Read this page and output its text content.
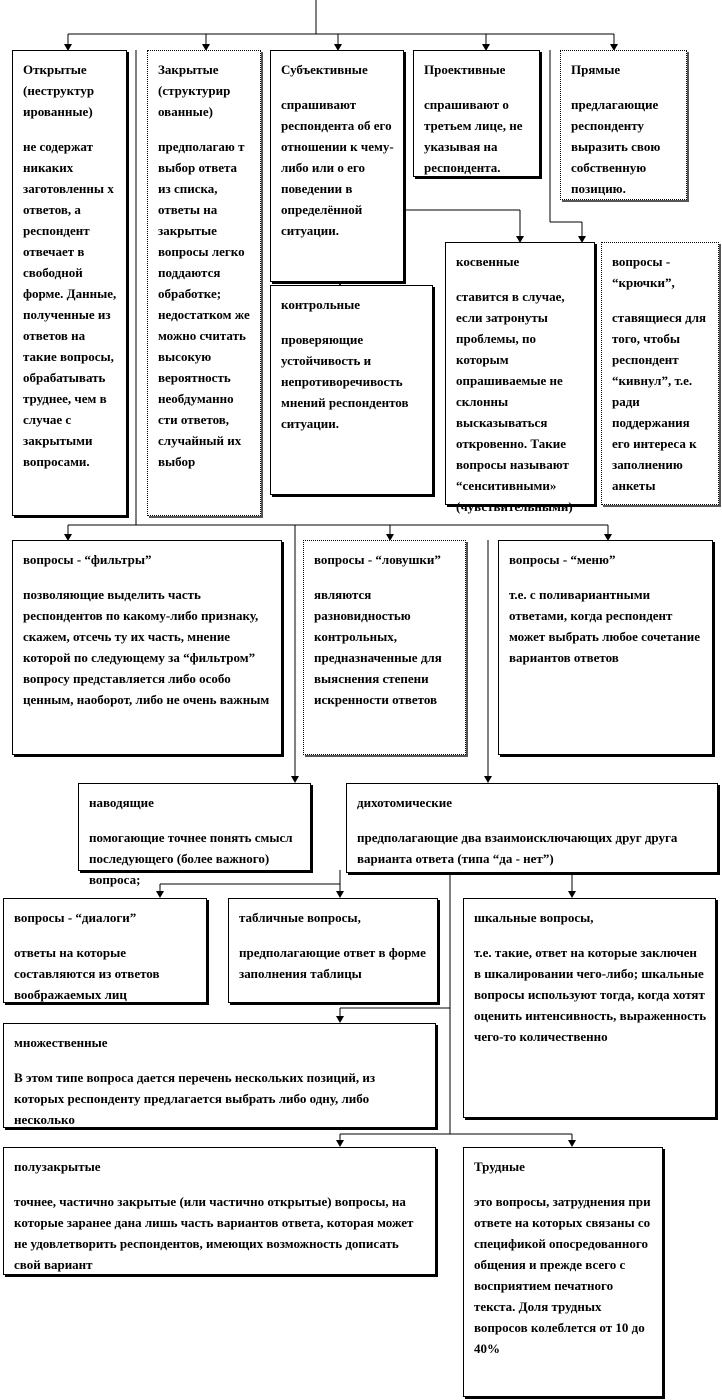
Открытые (неструктур ированные)

не содержат никаких заготовленны х ответов, а респондент отвечает в свободной форме. Данные, полученные из ответов на такие вопросы, обрабатывать труднее, чем в случае с закрытыми вопросами.

Закрытые (структурир ованные)

предполагаю т выбор ответа из списка, ответы на закрытые вопросы легко поддаются обработке; недостатком же можно считать высокую вероятность необдуманно сти ответов, случайный их выбор

Субъективные

спрашивают респондента об его отношении к чему-либо или о его поведении в определённой ситуации.

Проективные

спрашивают о третьем лице, не указывая на респондента.

Прямые

предлагающие респонденту выразить свою собственную позицию.

контрольные

проверяющие устойчивость и непротиворечивость мнений респондентов ситуации.

косвенные

ставится в случае, если затронуты проблемы, по которым опрашиваемые не склонны высказываться откровенно. Такие вопросы называют “сенситивными» (чувствительными)

вопросы - “крючки”,

ставящиеся для того, чтобы респондент “кивнул”, т.е. ради поддержания его интереса к заполнению анкеты

вопросы - “фильтры”

позволяющие выделить часть респондентов по какому-либо признаку, скажем, отсечь ту их часть, мнение которой по следующему за “фильтром” вопросу представляется либо особо ценным, наоборот, либо не очень важным

вопросы - “ловушки”

являются разновидностью контрольных, предназначенные для выяснения степени искренности ответов

вопросы - “меню”

т.е. с поливариантными ответами, когда респондент может выбрать любое сочетание вариантов ответов

наводящие

помогающие точнее понять смысл последующего (более важного) вопроса;

дихотомические

предполагающие два взаимоисключающих друг друга варианта ответа (типа “да - нет”)

вопросы - “диалоги”

ответы на которые составляются из ответов воображаемых лиц

табличные вопросы,

предполагающие ответ в форме заполнения таблицы

шкальные вопросы,

т.е. такие, ответ на которые заключен в шкалировании чего-либо; шкальные вопросы используют тогда, когда хотят оценить интенсивность, выраженность чего-то количественно

множественные

В этом типе вопроса дается перечень нескольких позиций, из которых респонденту предлагается выбрать либо одну, либо несколько

полузакрытые

точнее, частично закрытые (или частично открытые) вопросы, на которые заранее дана лишь часть вариантов ответа, которая может не удовлетворить респондентов, имеющих возможность дописать свой вариант

Трудные

это вопросы, затруднения при ответе на которых связаны со спецификой опосредованного общения и прежде всего с восприятием печатного текста. Доля трудных вопросов колеблется от 10 до 40%
